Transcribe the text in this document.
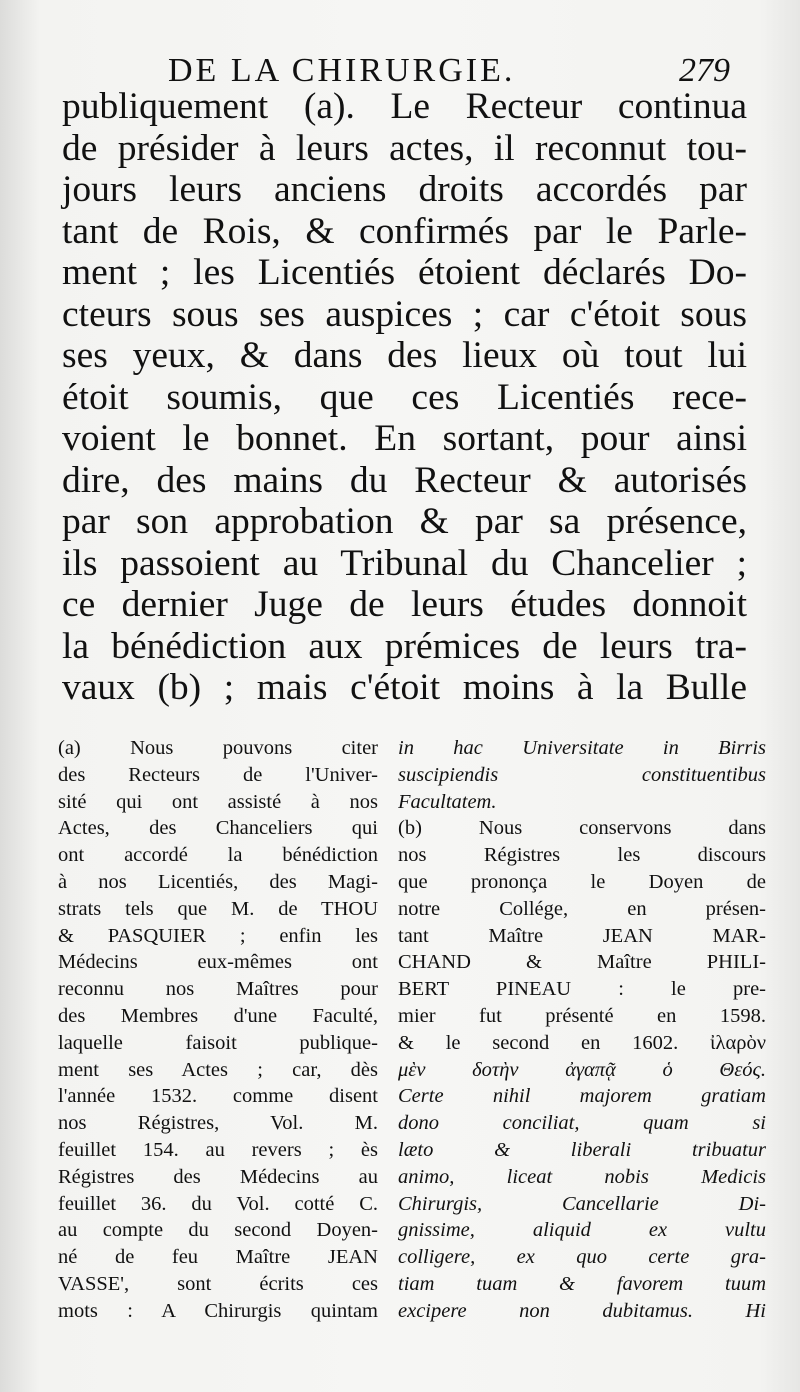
DE LA CHIRURGIE.	279
publiquement (a). Le Recteur continua
de présider à leurs actes, il reconnut tou-
jours leurs anciens droits accordés par
tant de Rois, & confirmés par le Parle-
ment ; les Licentiés étoient déclarés Do-
cteurs sous ses auspices ; car c'étoit sous
ses yeux, & dans des lieux où tout lui
étoit soumis, que ces Licentiés rece-
voient le bonnet. En sortant, pour ainsi
dire, des mains du Recteur & autorisés
par son approbation & par sa présence,
ils passoient au Tribunal du Chancelier ;
ce dernier Juge de leurs études donnoit
la bénédiction aux prémices de leurs tra-
vaux (b) ; mais c'étoit moins à la Bulle
(a) Nous pouvons citer
des Recteurs de l'Univer-
sité qui ont assisté à nos
Actes, des Chanceliers qui
ont accordé la bénédiction
à nos Licentiés, des Magi-
strats tels que M. de THOU
& PASQUIER ; enfin les
Médecins eux-mêmes ont
reconnu nos Maîtres pour
des Membres d'une Faculté,
laquelle faisoit publique-
ment ses Actes ; car, dès
l'année 1532. comme disent
nos Régistres, Vol. M.
feuillet 154. au revers ; ès
Régistres des Médecins au
feuillet 36. du Vol. cotté C.
au compte du second Doyen-
né de feu Maître JEAN
VASSE', sont écrits ces
mots : A Chirurgis quintam
in hac Universitate in Birris
suscipiendis constituentibus
Facultatem.
(b) Nous conservons dans
nos Régistres les discours
que prononça le Doyen de
notre Collége, en présen-
tant Maître JEAN MAR-
CHAND & Maître PHILI-
BERT PINEAU : le pre-
mier fut présenté en 1598.
& le second en 1602. ἰλαρὸν
μὲν δοτὴν ἀγαπᾷ ὁ Θεός.
Certe nihil majorem gratiam
dono conciliat, quam si
læto & liberali tribuatur
animo, liceat nobis Medicis
Chirurgis, Cancellarie Di-
gnissime, aliquid ex vultu
colligere, ex quo certe gra-
tiam tuam & favorem tuum
excipere non dubitamus. Hi
